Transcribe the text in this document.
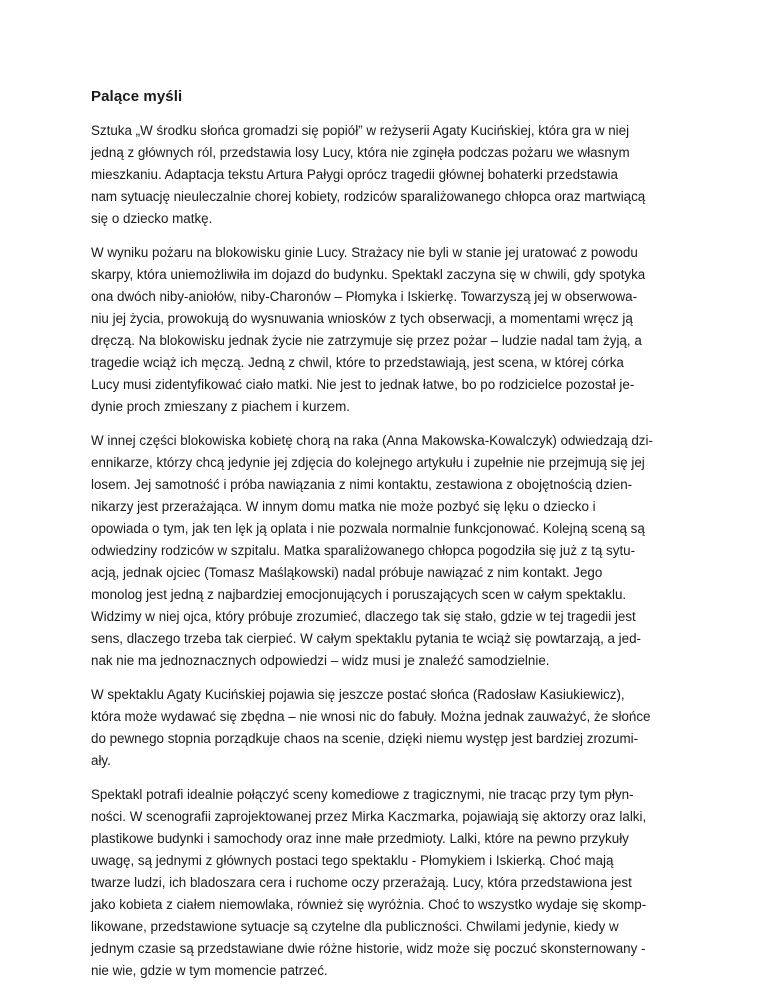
Palące myśli

Sztuka „W środku słońca gromadzi się popiół” w reżyserii Agaty Kucińskiej, która gra w niej
jedną z głównych ról, przedstawia losy Lucy, która nie zginęła podczas pożaru we własnym
mieszkaniu. Adaptacja tekstu Artura Pałygi oprócz tragedii głównej bohaterki przedstawia
nam sytuację nieuleczalnie chorej kobiety, rodziców sparaliżowanego chłopca oraz martwiącą
się o dziecko matkę.

W wyniku pożaru na blokowisku ginie Lucy. Strażacy nie byli w stanie jej uratować z powodu
skarpy, która uniemożliwiła im dojazd do budynku. Spektakl zaczyna się w chwili, gdy spotyka
ona dwóch niby-aniołów, niby-Charonów – Płomyka i Iskierkę. Towarzyszą jej w obserwowa-
niu jej życia, prowokują do wysnuwania wniosków z tych obserwacji, a momentami wręcz ją
dręczą. Na blokowisku jednak życie nie zatrzymuje się przez pożar – ludzie nadal tam żyją, a
tragedie wciąż ich męczą. Jedną z chwil, które to przedstawiają, jest scena, w której córka
Lucy musi zidentyfikować ciało matki. Nie jest to jednak łatwe, bo po rodzicielce pozostał je-
dynie proch zmieszany z piachem i kurzem.

W innej części blokowiska kobietę chorą na raka (Anna Makowska-Kowalczyk) odwiedzają dzi-
ennikarze, którzy chcą jedynie jej zdjęcia do kolejnego artykułu i zupełnie nie przejmują się jej
losem. Jej samotność i próba nawiązania z nimi kontaktu, zestawiona z obojętnością dzien-
nikarzy jest przerażająca. W innym domu matka nie może pozbyć się lęku o dziecko i
opowiada o tym, jak ten lęk ją oplata i nie pozwala normalnie funkcjonować. Kolejną sceną są
odwiedziny rodziców w szpitalu. Matka sparaliżowanego chłopca pogodziła się już z tą sytu-
acją, jednak ojciec (Tomasz Maśląkowski) nadal próbuje nawiązać z nim kontakt. Jego
monolog jest jedną z najbardziej emocjonujących i poruszających scen w całym spektaklu.
Widzimy w niej ojca, który próbuje zrozumieć, dlaczego tak się stało, gdzie w tej tragedii jest
sens, dlaczego trzeba tak cierpieć. W całym spektaklu pytania te wciąż się powtarzają, a jed-
nak nie ma jednoznacznych odpowiedzi – widz musi je znaleźć samodzielnie.

W spektaklu Agaty Kucińskiej pojawia się jeszcze postać słońca (Radosław Kasiukiewicz),
która może wydawać się zbędna – nie wnosi nic do fabuły. Można jednak zauważyć, że słońce
do pewnego stopnia porządkuje chaos na scenie, dzięki niemu występ jest bardziej zrozumi-
ały.

Spektakl potrafi idealnie połączyć sceny komediowe z tragicznymi, nie tracąc przy tym płyn-
ności. W scenografii zaprojektowanej przez Mirka Kaczmarka, pojawiają się aktorzy oraz lalki,
plastikowe budynki i samochody oraz inne małe przedmioty. Lalki, które na pewno przykuły
uwagę, są jednymi z głównych postaci tego spektaklu - Płomykiem i Iskierką. Choć mają
twarze ludzi, ich bladoszara cera i ruchome oczy przerażają. Lucy, która przedstawiona jest
jako kobieta z ciałem niemowlaka, również się wyróżnia. Choć to wszystko wydaje się skomp-
likowane, przedstawione sytuacje są czytelne dla publiczności. Chwilami jedynie, kiedy w
jednym czasie są przedstawiane dwie różne historie, widz może się poczuć skonsternowany -
nie wie, gdzie w tym momencie patrzeć.
